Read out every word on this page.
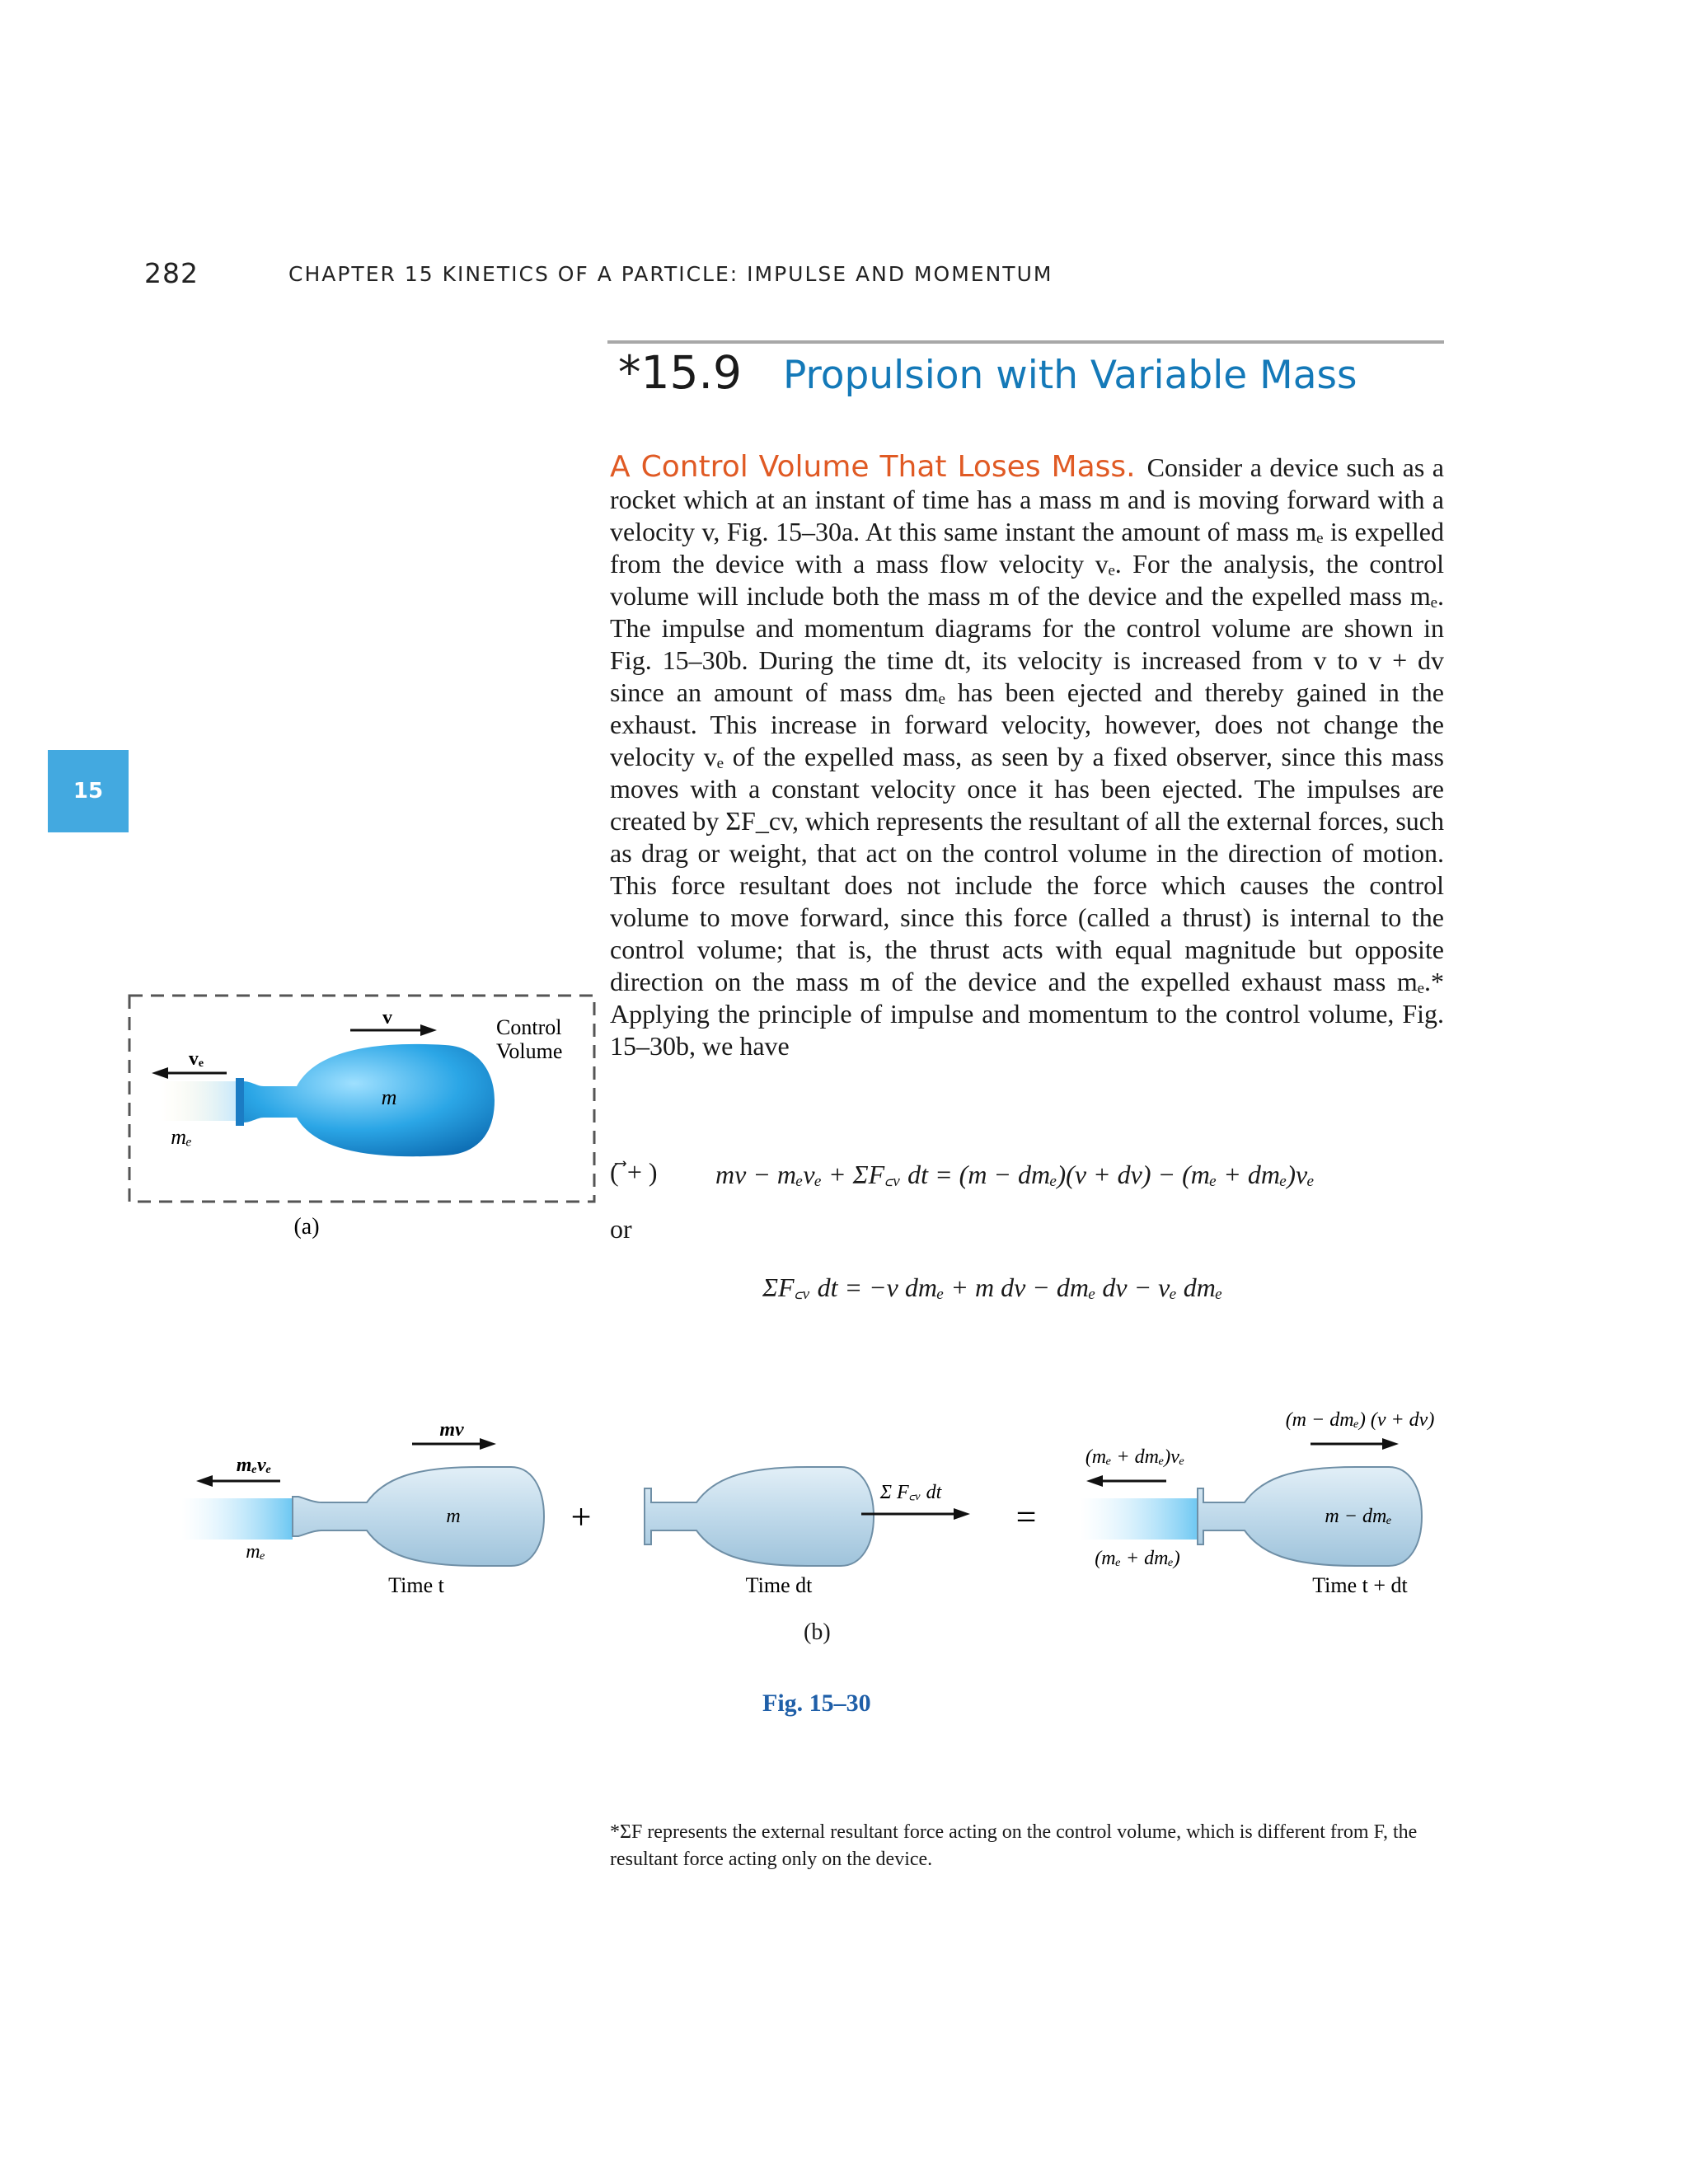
282	CHAPTER 15 KINETICS OF A PARTICLE: IMPULSE AND MOMENTUM
*15.9 Propulsion with Variable Mass
15
A Control Volume That Loses Mass. Consider a device such as a rocket which at an instant of time has a mass m and is moving forward with a velocity v, Fig. 15–30a. At this same instant the amount of mass mₑ is expelled from the device with a mass flow velocity vₑ. For the analysis, the control volume will include both the mass m of the device and the expelled mass mₑ. The impulse and momentum diagrams for the control volume are shown in Fig. 15–30b. During the time dt, its velocity is increased from v to v + dv since an amount of mass dmₑ has been ejected and thereby gained in the exhaust. This increase in forward velocity, however, does not change the velocity vₑ of the expelled mass, as seen by a fixed observer, since this mass moves with a constant velocity once it has been ejected. The impulses are created by ΣF_cv, which represents the resultant of all the external forces, such as drag or weight, that act on the control volume in the direction of motion. This force resultant does not include the force which causes the control volume to move forward, since this force (called a thrust) is internal to the control volume; that is, the thrust acts with equal magnitude but opposite direction on the mass m of the device and the expelled exhaust mass mₑ.* Applying the principle of impulse and momentum to the control volume, Fig. 15–30b, we have
( ⃗+ ) mv − mₑvₑ + ΣF꜀ᵥ dt = (m − dmₑ)(v + dv) − (mₑ + dmₑ)vₑ
or
ΣF꜀ᵥ dt = −v dmₑ + m dv − dmₑ dv − vₑ dmₑ
v
vₑ
m
mₑ
Control
Volume
(a)
mv
mₑvₑ
m
mₑ
Time t
+
Σ F꜀ᵥ dt
Time dt
=
(mₑ + dmₑ)vₑ
(mₑ + dmₑ)
(m − dmₑ) (v + dv)
m − dmₑ
Time t + dt
(b)
Fig. 15–30
*ΣF represents the external resultant force acting on the control volume, which is different from F, the resultant force acting only on the device.
